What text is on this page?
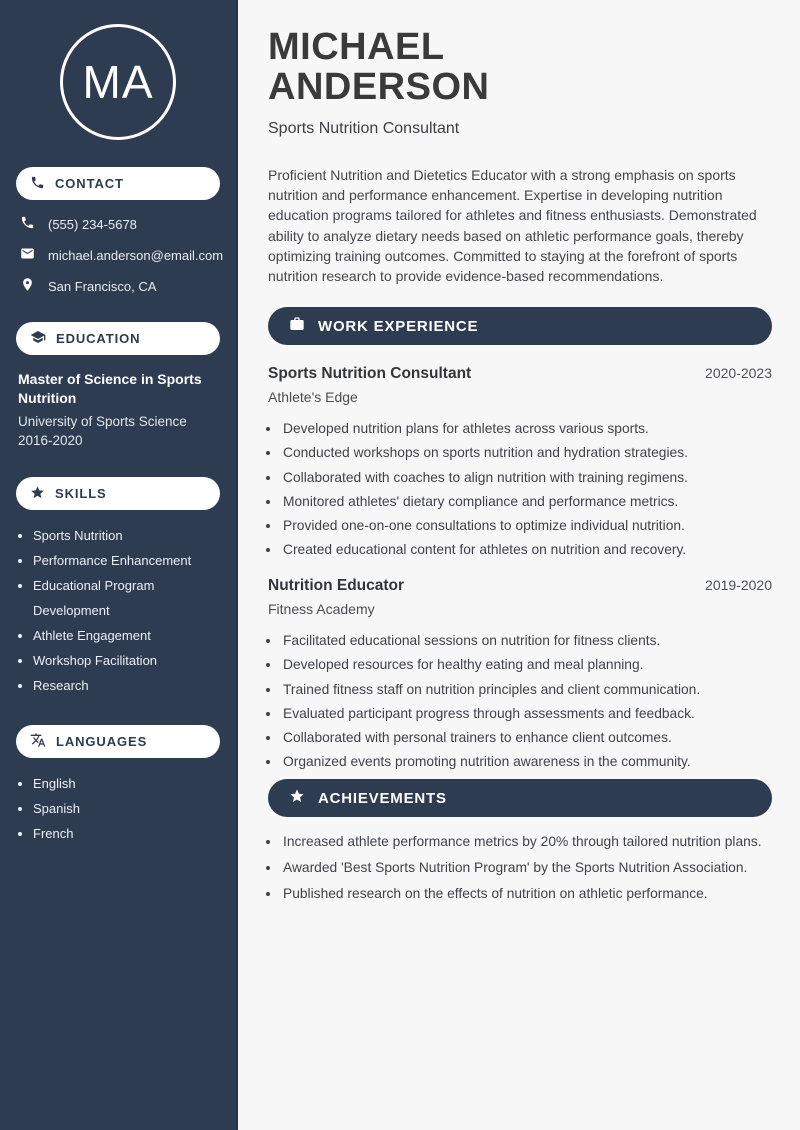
MA
CONTACT
(555) 234-5678
michael.anderson@email.com
San Francisco, CA
EDUCATION
Master of Science in Sports Nutrition
University of Sports Science
2016-2020
SKILLS
• Sports Nutrition
• Performance Enhancement
• Educational Program Development
• Athlete Engagement
• Workshop Facilitation
• Research
LANGUAGES
• English
• Spanish
• French
MICHAEL ANDERSON
Sports Nutrition Consultant

Proficient Nutrition and Dietetics Educator with a strong emphasis on sports nutrition and performance enhancement. Expertise in developing nutrition education programs tailored for athletes and fitness enthusiasts. Demonstrated ability to analyze dietary needs based on athletic performance goals, thereby optimizing training outcomes. Committed to staying at the forefront of sports nutrition research to provide evidence-based recommendations.

WORK EXPERIENCE
Sports Nutrition Consultant	2020-2023
Athlete's Edge
• Developed nutrition plans for athletes across various sports.
• Conducted workshops on sports nutrition and hydration strategies.
• Collaborated with coaches to align nutrition with training regimens.
• Monitored athletes' dietary compliance and performance metrics.
• Provided one-on-one consultations to optimize individual nutrition.
• Created educational content for athletes on nutrition and recovery.
Nutrition Educator	2019-2020
Fitness Academy
• Facilitated educational sessions on nutrition for fitness clients.
• Developed resources for healthy eating and meal planning.
• Trained fitness staff on nutrition principles and client communication.
• Evaluated participant progress through assessments and feedback.
• Collaborated with personal trainers to enhance client outcomes.
• Organized events promoting nutrition awareness in the community.
ACHIEVEMENTS
• Increased athlete performance metrics by 20% through tailored nutrition plans.
• Awarded 'Best Sports Nutrition Program' by the Sports Nutrition Association.
• Published research on the effects of nutrition on athletic performance.
